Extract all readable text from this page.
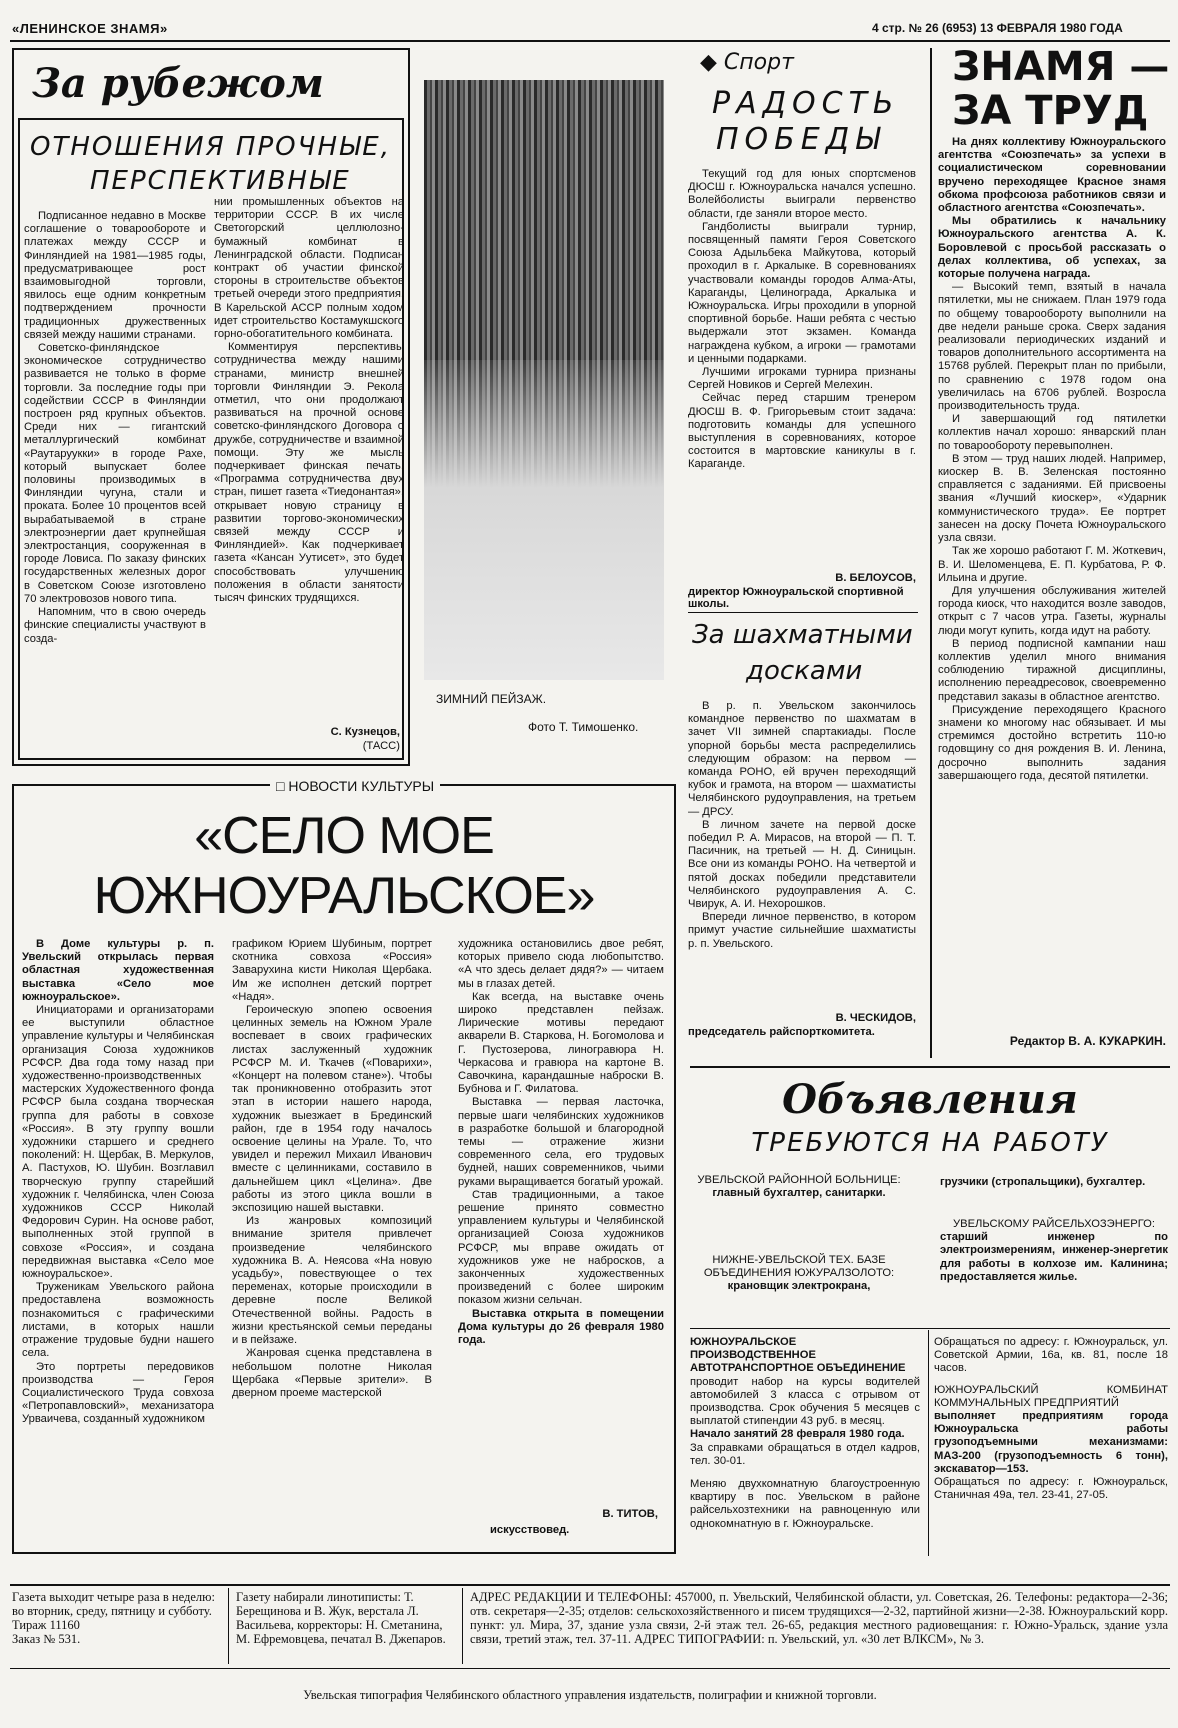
«ЛЕНИНСКОЕ ЗНАМЯ»	4 стр. № 26 (6953) 13 ФЕВРАЛЯ 1980 ГОДА
За рубежом
ОТНОШЕНИЯ ПРОЧНЫЕ,
ПЕРСПЕКТИВНЫЕ

Подписанное недавно в Москве соглашение о товарообороте и платежах между СССР и Финляндией на 1981—1985 годы, предусматривающее рост взаимовыгодной торговли, явилось еще одним конкретным подтверждением прочности традиционных дружественных связей между нашими странами.

Советско-финляндское экономическое сотрудничество развивается не только в форме торговли. За последние годы при содействии СССР в Финляндии построен ряд крупных объектов. Среди них — гигантский металлургический комбинат «Раутаруукки» в городе Рахе, который выпускает более половины производимых в Финляндии чугуна, стали и проката. Более 10 процентов всей вырабатываемой в стране электроэнергии дает крупнейшая электростанция, сооруженная в городе Ловиса. По заказу финских государственных железных дорог в Советском Союзе изготовлено 70 электровозов нового типа.

Напомним, что в свою очередь финские специалисты участвуют в созда-

нии промышленных объектов на территории СССР. В их числе Светогорский целлюлозно-бумажный комбинат в Ленинградской области. Подписан контракт об участии финской стороны в строительстве объектов третьей очереди этого предприятия. В Карельской АССР полным ходом идет строительство Костамукшского горно-обогатительного комбината.

Комментируя перспективы сотрудничества между нашими странами, министр внешней торговли Финляндии Э. Рекола отметил, что они продолжают развиваться на прочной основе советско-финляндского Договора о дружбе, сотрудничестве и взаимной помощи. Эту же мысль подчеркивает финская печать. «Программа сотрудничества двух стран, пишет газета «Тиедонантая», открывает новую страницу в развитии торгово-экономических связей между СССР и Финляндией». Как подчеркивает газета «Кансан Уутисет», это будет способствовать улучшению положения в области занятости тысяч финских трудящихся.

С. Кузнецов,
(ТАСС)
ЗИМНИЙ ПЕЙЗАЖ.
Фото Т. Тимошенко.
◆ Спорт
РАДОСТЬ
ПОБЕДЫ

Текущий год для юных спортсменов ДЮСШ г. Южноуральска начался успешно. Волейболисты выиграли первенство области, где заняли второе место.

Гандболисты выиграли турнир, посвященный памяти Героя Советского Союза Адыльбека Майкутова, который проходил в г. Аркалыке. В соревнованиях участвовали команды городов Алма-Аты, Караганды, Целинограда, Аркалыка и Южноуральска. Игры проходили в упорной спортивной борьбе. Наши ребята с честью выдержали этот экзамен. Команда награждена кубком, а игроки — грамотами и ценными подарками.

Лучшими игроками турнира признаны Сергей Новиков и Сергей Мелехин.

Сейчас перед старшим тренером ДЮСШ В. Ф. Григорьевым стоит задача: подготовить команды для успешного выступления в соревнованиях, которое состоится в мартовские каникулы в г. Караганде.

В. БЕЛОУСОВ,
директор Южноуральской спортивной школы.
За шахматными
досками

В р. п. Увельском закончилось командное первенство по шахматам в зачет VII зимней спартакиады. После упорной борьбы места распределились следующим образом: на первом — команда РОНО, ей вручен переходящий кубок и грамота, на втором — шахматисты Челябинского рудоуправления, на третьем — ДРСУ.

В личном зачете на первой доске победил Р. А. Мирасов, на второй — П. Т. Пасичник, на третьей — Н. Д. Синицын. Все они из команды РОНО. На четвертой и пятой досках победили представители Челябинского рудоуправления А. С. Чвирук, А. И. Нехорошков.

Впереди личное первенство, в котором примут участие сильнейшие шахматисты р. п. Увельского.

В. ЧЕСКИДОВ,
председатель райспорткомитета.
ЗНАМЯ —
ЗА ТРУД

На днях коллективу Южноуральского агентства «Союзпечать» за успехи в социалистическом соревновании вручено переходящее Красное знамя обкома профсоюза работников связи и областного агентства «Союзпечать».

Мы обратились к начальнику Южноуральского агентства А. К. Боровлевой с просьбой рассказать о делах коллектива, об успехах, за которые получена награда.

— Высокий темп, взятый в начала пятилетки, мы не снижаем. План 1979 года по общему товарообороту выполнили на две недели раньше срока. Сверх задания реализовали периодических изданий и товаров дополнительного ассортимента на 15768 рублей. Перекрыт план по прибыли, по сравнению с 1978 годом она увеличилась на 6706 рублей. Возросла производительность труда.

И завершающий год пятилетки коллектив начал хорошо: январский план по товарообороту перевыполнен.

В этом — труд наших людей. Например, киоскер В. В. Зеленская постоянно справляется с заданиями. Ей присвоены звания «Лучший киоскер», «Ударник коммунистического труда». Ее портрет занесен на доску Почета Южноуральского узла связи.

Так же хорошо работают Г. М. Жоткевич, В. И. Шеломенцева, Е. П. Курбатова, Р. Ф. Ильина и другие.

Для улучшения обслуживания жителей города киоск, что находится возле заводов, открыт с 7 часов утра. Газеты, журналы люди могут купить, когда идут на работу.

В период подписной кампании наш коллектив уделил много внимания соблюдению тиражной дисциплины, исполнению переадресовок, своевременно представил заказы в областное агентство.

Присуждение переходящего Красного знамени ко многому нас обязывает. И мы стремимся достойно встретить 110-ю годовщину со дня рождения В. И. Ленина, досрочно выполнить задания завершающего года, десятой пятилетки.

Редактор В. А. КУКАРКИН.
□ НОВОСТИ КУЛЬТУРЫ
«СЕЛО МОЕ
ЮЖНОУРАЛЬСКОЕ»

В Доме культуры р. п. Увельский открылась первая областная художественная выставка «Село мое южноуральское».

Инициаторами и организаторами ее выступили областное управление культуры и Челябинская организация Союза художников РСФСР. Два года тому назад при художественно-производственных мастерских Художественного фонда РСФСР была создана творческая группа для работы в совхозе «Россия». В эту группу вошли художники старшего и среднего поколений: Н. Щербак, В. Меркулов, А. Пастухов, Ю. Шубин. Возглавил творческую группу старейший художник г. Челябинска, член Союза художников СССР Николай Федорович Сурин. На основе работ, выполненных этой группой в совхозе «Россия», и создана передвижная выставка «Село мое южноуральское».

Труженикам Увельского района предоставлена возможность познакомиться с графическими листами, в которых нашли отражение трудовые будни нашего села.

Это портреты передовиков производства — Героя Социалистического Труда совхоза «Петропавловский», механизатора Урваичева, созданный художником

графиком Юрием Шубиным, портрет скотника совхоза «Россия» Заварухина кисти Николая Щербака. Им же исполнен детский портрет «Надя».

Героическую эпопею освоения целинных земель на Южном Урале воспевает в своих графических листах заслуженный художник РСФСР М. И. Ткачев («Поварихи», «Концерт на полевом стане»). Чтобы так проникновенно отобразить этот этап в истории нашего народа, художник выезжает в Брединский район, где в 1954 году началось освоение целины на Урале. То, что увидел и пережил Михаил Иванович вместе с целинниками, составило в дальнейшем цикл «Целина». Две работы из этого цикла вошли в экспозицию нашей выставки.

Из жанровых композиций внимание зрителя привлечет произведение челябинского художника В. А. Неясова «На новую усадьбу», повествующее о тех переменах, которые происходили в деревне после Великой Отечественной войны. Радость в жизни крестьянской семьи переданы и в пейзаже.

Жанровая сценка представлена в небольшом полотне Николая Щербака «Первые зрители». В дверном проеме мастерской

художника остановились двое ребят, которых привело сюда любопытство. «А что здесь делает дядя?» — читаем мы в глазах детей.

Как всегда, на выставке очень широко представлен пейзаж. Лирические мотивы передают акварели В. Старкова, Н. Богомолова и Г. Пустозерова, линогравюра Н. Черкасова и гравюра на картоне В. Савочкина, карандашные наброски В. Бубнова и Г. Филатова.

Выставка — первая ласточка, первые шаги челябинских художников в разработке большой и благородной темы — отражение жизни современного села, его трудовых будней, наших современников, чьими руками выращивается богатый урожай.

Став традиционными, а такое решение принято совместно управлением культуры и Челябинской организацией Союза художников РСФСР, мы вправе ожидать от художников уже не набросков, а законченных художественных произведений с более широким показом жизни сельчан.

Выставка открыта в помещении Дома культуры до 26 февраля 1980 года.

В. ТИТОВ,
искусствовед.
Объявления
ТРЕБУЮТСЯ НА РАБОТУ
УВЕЛЬСКОЙ РАЙОННОЙ БОЛЬНИЦЕ:
главный бухгалтер, санитарки.
грузчики (стропальщики), бухгалтер.
НИЖНЕ-УВЕЛЬСКОЙ ТЕХ. БАЗЕ ОБЪЕДИНЕНИЯ ЮЖУРАЛЗОЛОТО:
крановщик электрокрана,
УВЕЛЬСКОМУ РАЙСЕЛЬХОЗЭНЕРГО:
старший инженер по электроизмерениям, инженер-энергетик для работы в колхозе им. Калинина; предоставляется жилье.
ЮЖНОУРАЛЬСКОЕ ПРОИЗВОДСТВЕННОЕ АВТОТРАНСПОРТНОЕ ОБЪЕДИНЕНИЕ
проводит набор на курсы водителей автомобилей 3 класса с отрывом от производства. Срок обучения 5 месяцев с выплатой стипендии 43 руб. в месяц.
Начало занятий 28 февраля 1980 года.
За справками обращаться в отдел кадров, тел. 30-01.
Меняю двухкомнатную благоустроенную квартиру в пос. Увельском в районе райсельхозтехники на равноценную или однокомнатную в г. Южноуральске.
Обращаться по адресу: г. Южноуральск, ул. Советской Армии, 16а, кв. 81, после 18 часов.
ЮЖНОУРАЛЬСКИЙ КОМБИНАТ КОММУНАЛЬНЫХ ПРЕДПРИЯТИЙ
выполняет предприятиям города Южноуральска работы грузоподъемными механизмами: МАЗ-200 (грузоподъемность 6 тонн), экскаватор—153.
Обращаться по адресу: г. Южноуральск, Станичная 49а, тел. 23-41, 27-05.
Газета выходит четыре раза в неделю: во вторник, среду, пятницу и субботу.
Тираж 11160
Заказ № 531.
Газету набирали линотиписты: Т. Берещинова и В. Жук, верстала Л. Васильева, корректоры: Н. Сметанина, М. Ефремовцева, печатал В. Джепаров.
АДРЕС РЕДАКЦИИ И ТЕЛЕФОНЫ: 457000, п. Увельский, Челябинской области, ул. Советская, 26. Телефоны: редактора—2-36; отв. секретаря—2-35; отделов: сельскохозяйственного и писем трудящихся—2-32, партийной жизни—2-38. Южноуральский корр. пункт: ул. Мира, 37, здание узла связи, 2-й этаж тел. 26-65, редакция местного радиовещания: г. Южно-Уральск, здание узла связи, третий этаж, тел. 37-11. АДРЕС ТИПОГРАФИИ: п. Увельский, ул. «30 лет ВЛКСМ», № 3.
Увельская типография Челябинского областного управления издательств, полиграфии и книжной торговли.
